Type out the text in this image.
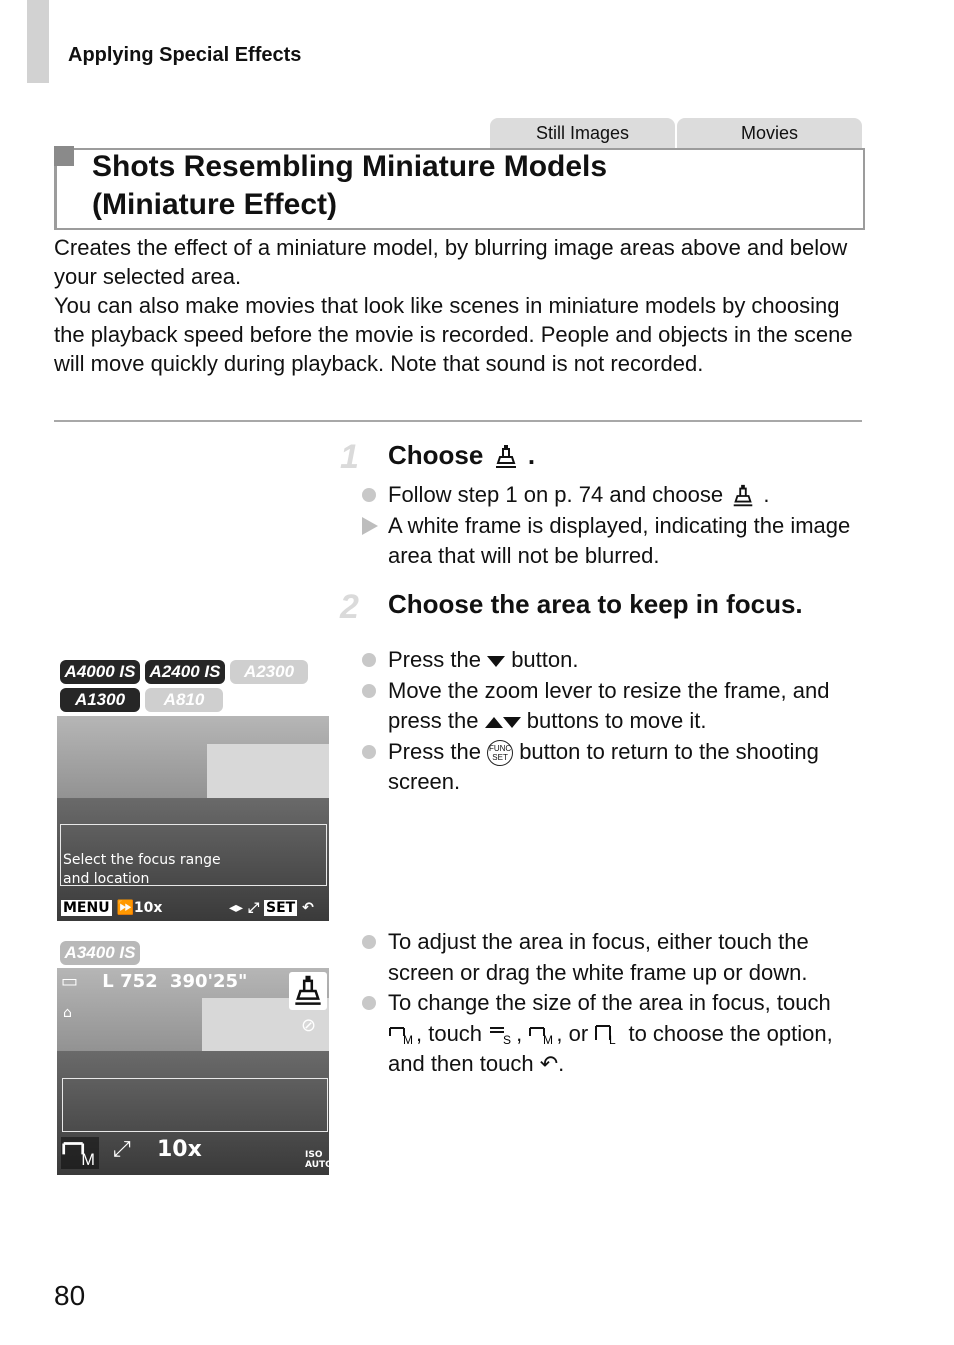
Applying Special Effects
Still Images	Movies
Shots Resembling Miniature Models
(Miniature Effect)

Creates the effect of a miniature model, by blurring image areas above and below your selected area.

You can also make movies that look like scenes in miniature models by choosing the playback speed before the movie is recorded. People and objects in the scene will move quickly during playback. Note that sound is not recorded.

1 Choose .
Follow step 1 on p. 74 and choose .
A white frame is displayed, indicating the image area that will not be blurred.
2 Choose the area to keep in focus.
Press the button.
Move the zoom lever to resize the frame, and press the buttons to move it.
Press the FUNC SET button to return to the shooting screen.
A4000 IS A2400 IS	A2300
A1300	A810
Select the focus range
and location
MENU ⏩10x	◂▸ ⤢ SET ↶
To adjust the area in focus, either touch the screen or drag the white frame up or down.
To change the size of the area in focus, touch
M , touch S , M , or L to choose the option, and then touch ↶.
A3400 IS
▭ L 752 390'25"
⊘
⌂
M ⤢ 10x	ISO
AUTO
80
